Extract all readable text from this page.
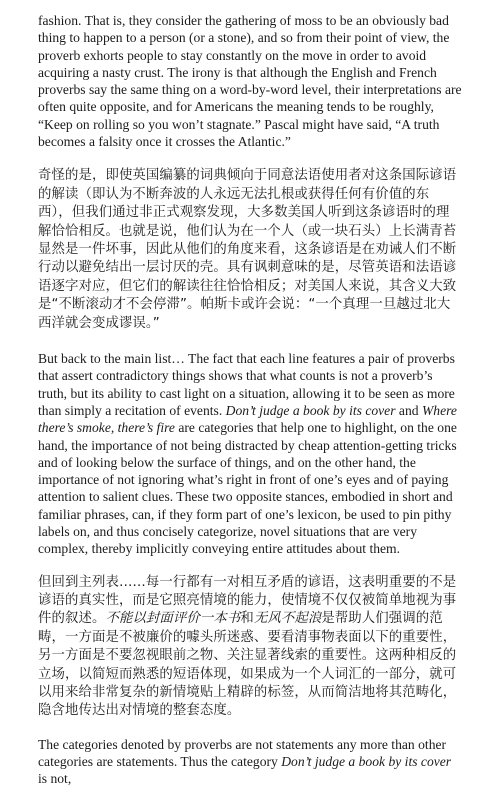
fashion. That is, they consider the gathering of moss to be an obviously bad thing to happen to a person (or a stone), and so from their point of view, the proverb exhorts people to stay constantly on the move in order to avoid acquiring a nasty crust. The irony is that although the English and French proverbs say the same thing on a word-by-word level, their interpretations are often quite opposite, and for Americans the meaning tends to be roughly, “Keep on rolling so you won’t stagnate.” Pascal might have said, “A truth becomes a falsity once it crosses the Atlantic.”

奇怪的是，即使英国编纂的词典倾向于同意法语使用者对这条国际谚语的解读（即认为不断奔波的人永远无法扎根或获得任何有价值的东西），但我们通过非正式观察发现，大多数美国人听到这条谚语时的理解恰恰相反。也就是说，他们认为在一个人（或一块石头）上长满青苔显然是一件坏事，因此从他们的角度来看，这条谚语是在劝诫人们不断行动以避免结出一层讨厌的壳。具有讽刺意味的是，尽管英语和法语谚语逐字对应，但它们的解读往往恰恰相反；对美国人来说，其含义大致是“不断滚动才不会停滞”。帕斯卡或许会说：“一个真理一旦越过北大西洋就会变成谬误。”

But back to the main list… The fact that each line features a pair of proverbs that assert contradictory things shows that what counts is not a proverb’s truth, but its ability to cast light on a situation, allowing it to be seen as more than simply a recitation of events. Don’t judge a book by its cover and Where there’s smoke, there’s fire are categories that help one to highlight, on the one hand, the importance of not being distracted by cheap attention-getting tricks and of looking below the surface of things, and on the other hand, the importance of not ignoring what’s right in front of one’s eyes and of paying attention to salient clues. These two opposite stances, embodied in short and familiar phrases, can, if they form part of one’s lexicon, be used to pin pithy labels on, and thus concisely categorize, novel situations that are very complex, thereby implicitly conveying entire attitudes about them.

但回到主列表……每一行都有一对相互矛盾的谚语，这表明重要的不是谚语的真实性，而是它照亮情境的能力，使情境不仅仅被简单地视为事件的叙述。不能以封面评价一本书和无风不起浪是帮助人们强调的范畴，一方面是不被廉价的噱头所迷惑、要看清事物表面以下的重要性，另一方面是不要忽视眼前之物、关注显著线索的重要性。这两种相反的立场，以简短而熟悉的短语体现，如果成为一个人词汇的一部分，就可以用来给非常复杂的新情境贴上精辟的标签，从而简洁地将其范畴化，隐含地传达出对情境的整套态度。

The categories denoted by proverbs are not statements any more than other categories are statements. Thus the category Don’t judge a book by its cover is not,
